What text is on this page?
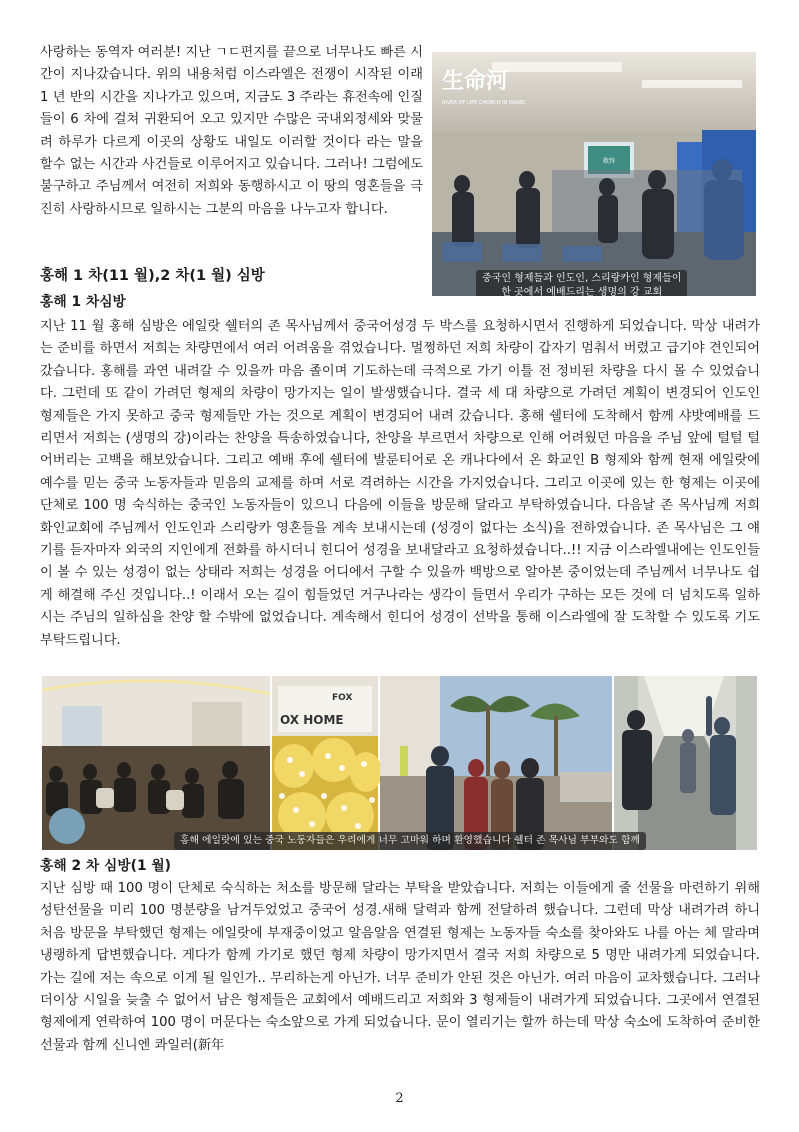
사랑하는 동역자 여러분! 지난 ㄱㄷ편지를 끝으로 너무나도 빠른 시간이 지나갔습니다. 위의 내용처럼 이스라엘은 전쟁이 시작된 이래 1 년 반의 시간을 지나가고 있으며, 지금도 3 주라는 휴전속에 인질들이 6 차에 걸쳐 귀환되어 오고 있지만 수많은 국내외정세와 맞물려 하루가 다르게 이곳의 상황도 내일도 이러할 것이다 라는 말을 할수 없는 시간과 사건들로 이루어지고 있습니다. 그러나! 그럼에도 불구하고 주님께서 여전히 저희와 동행하시고 이 땅의 영혼들을 극진히 사랑하시므로 일하시는 그분의 마음을 나누고자 합니다.

生命河
RIVER OF LIFE CHURCH IN ISRAEL
敬拜
중국인 형제들과 인도인, 스리랑카인 형제들이
한 곳에서 예배드리는 생명의 강 교회
홍해 1 차(11 월),2 차(1 월) 심방
홍해 1 차심방

지난 11 월 홍해 심방은 에일랏 쉘터의 존 목사님께서 중국어성경 두 박스를 요청하시면서 진행하게 되었습니다. 막상 내려가는 준비를 하면서 저희는 차량면에서 여러 어려움을 겪었습니다. 멀쩡하던 저희 차량이 갑자기 멈춰서 버렸고 급기야 견인되어 갔습니다. 홍해를 과연 내려갈 수 있을까 마음 졸이며 기도하는데 극적으로 가기 이틀 전 정비된 차량을 다시 몰 수 있었습니다. 그런데 또 같이 가려던 형제의 차량이 망가지는 일이 발생했습니다. 결국 세 대 차량으로 가려던 계획이 변경되어 인도인 형제들은 가지 못하고 중국 형제들만 가는 것으로 계획이 변경되어 내려 갔습니다. 홍해 쉘터에 도착해서 함께 샤밧예배를 드리면서 저희는 (생명의 강)이라는 찬양을 특송하였습니다, 찬양을 부르면서 차량으로 인해 어려웠던 마음을 주님 앞에 털털 털어버리는 고백을 해보았습니다. 그리고 예배 후에 쉘터에 발룬티어로 온 캐나다에서 온 화교인 B 형제와 함께 현재 에일랏에 예수를 믿는 중국 노동자들과 믿음의 교제를 하며 서로 격려하는 시간을 가지었습니다. 그리고 이곳에 있는 한 형제는 이곳에 단체로 100 명 숙식하는 중국인 노동자들이 있으니 다음에 이들을 방문해 달라고 부탁하였습니다. 다음날 존 목사님께 저희 화인교회에 주님께서 인도인과 스리랑카 영혼들을 계속 보내시는데 (성경이 없다는 소식)을 전하였습니다. 존 목사님은 그 얘기를 듣자마자 외국의 지인에게 전화를 하시더니 힌디어 성경을 보내달라고 요청하셨습니다..!! 지금 이스라엘내에는 인도인들이 볼 수 있는 성경이 없는 상태라 저희는 성경을 어디에서 구할 수 있을까 백방으로 알아본 중이었는데 주님께서 너무나도 쉽게 해결해 주신 것입니다..! 이래서 오는 길이 힘들었던 거구나라는 생각이 들면서 우리가 구하는 모든 것에 더 넘치도록 일하시는 주님의 일하심을 찬양 할 수밖에 없었습니다. 계속해서 힌디어 성경이 선박을 통해 이스라엘에 잘 도착할 수 있도록 기도 부탁드립니다.

FOX
OX HOME
홍해 에일랏에 있는 중국 노동자들은 우리에게 너무 고마워 하며 환영했습니다 쉘터 존 목사님 부부와도 함께
홍해 2 차 심방(1 월)

지난 심방 때 100 명이 단체로 숙식하는 처소를 방문해 달라는 부탁을 받았습니다. 저희는 이들에게 줄 선물을 마련하기 위해 성탄선물을 미리 100 명분량을 남겨두었었고 중국어 성경.새해 달력과 함께 전달하려 했습니다. 그런데 막상 내려가려 하니 처음 방문을 부탁했던 형제는 에일랏에 부재중이었고 알음알음 연결된 형제는 노동자들 숙소를 찾아와도 나를 아는 체 말라며 냉랭하게 답변했습니다. 게다가 함께 가기로 했던 형제 차량이 망가지면서 결국 저희 차량으로 5 명만 내려가게 되었습니다. 가는 길에 저는 속으로 이게 될 일인가.. 무리하는게 아닌가. 너무 준비가 안된 것은 아닌가. 여러 마음이 교차했습니다. 그러나 더이상 시일을 늦출 수 없어서 남은 형제들은 교회에서 예배드리고 저희와 3 형제들이 내려가게 되었습니다. 그곳에서 연결된 형제에게 연락하여 100 명이 머문다는 숙소앞으로 가게 되었습니다. 문이 열리기는 할까 하는데 막상 숙소에 도착하여 준비한 선물과 함께 신니엔 콰일러(新年

2
